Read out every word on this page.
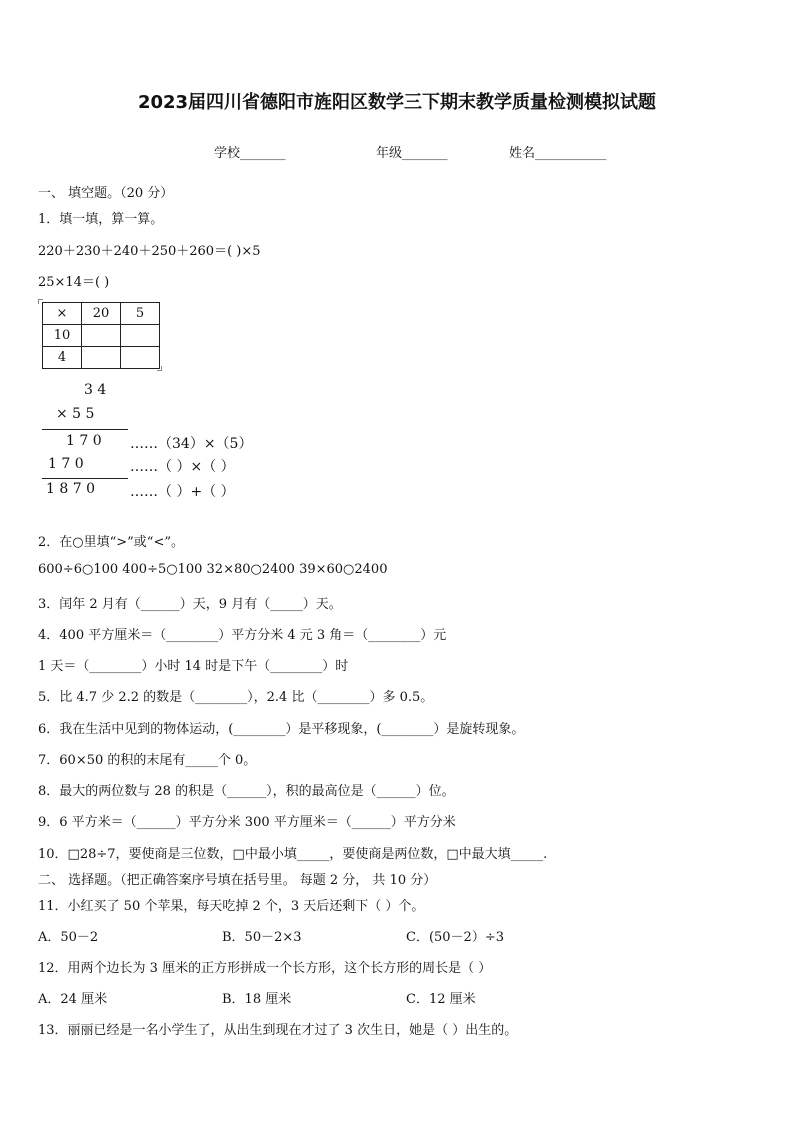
2023届四川省德阳市旌阳区数学三下期末教学质量检测模拟试题
学校_______	年级_______	姓名___________
一、 填空题。（20 分）
1．填一填，算一算。
220＋230＋240＋250＋260＝( )×5
25×14＝( )
×	20	5
10		
4		
3 4
× 5 5
1 7 0 ……（34）×（5）
1 7 0	……（ ）×（ ）
1 8 7 0	……（ ）+（ ）
2．在○里填“>”或“<”。
600÷6○100 400÷5○100 32×80○2400 39×60○2400
3．闰年 2 月有（______）天，9 月有（_____）天。
4．400 平方厘米＝（________）平方分米 4 元 3 角＝（________）元
1 天＝（________）小时 14 时是下午（________）时
5．比 4.7 少 2.2 的数是（________），2.4 比（________）多 0.5。
6．我在生活中见到的物体运动，(________）是平移现象，(________）是旋转现象。
7．60×50 的积的末尾有_____个 0。
8．最大的两位数与 28 的积是（______），积的最高位是（______）位。
9．6 平方米＝（______）平方分米 300 平方厘米＝（______）平方分米
10．□28÷7，要使商是三位数，□中最小填_____，要使商是两位数，□中最大填_____.
二、 选择题。（把正确答案序号填在括号里。 每题 2 分， 共 10 分）
11．小红买了 50 个苹果，每天吃掉 2 个，3 天后还剩下（ ）个。
A．50－2	B．50－2×3	C．(50－2）÷3
12．用两个边长为 3 厘米的正方形拼成一个长方形，这个长方形的周长是（ ）
A．24 厘米	B．18 厘米	C．12 厘米
13．丽丽已经是一名小学生了，从出生到现在才过了 3 次生日，她是（ ）出生的。
